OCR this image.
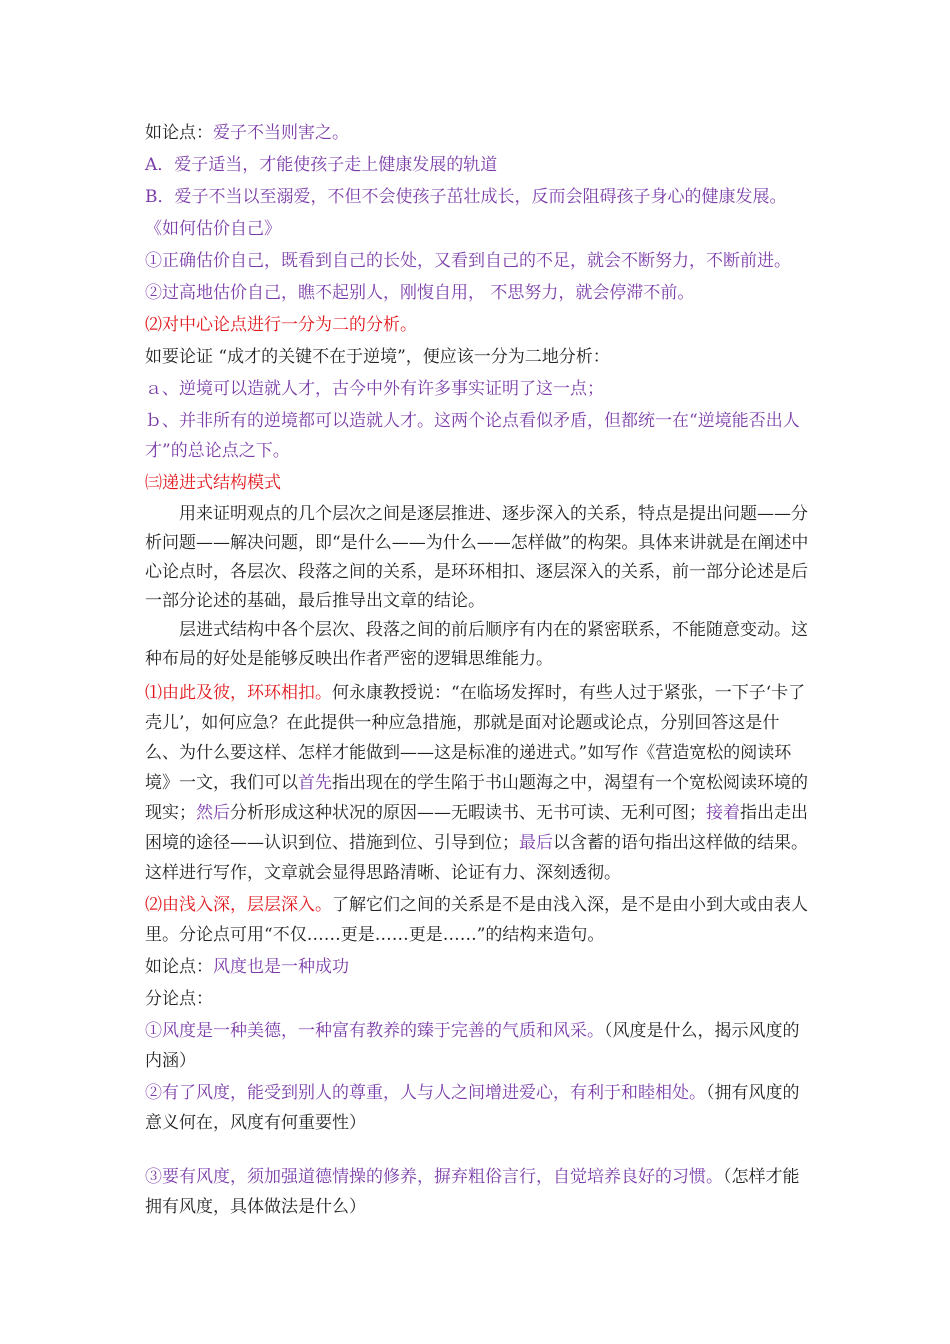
如论点：爱子不当则害之。

A．爱子适当，才能使孩子走上健康发展的轨道

B．爱子不当以至溺爱，不但不会使孩子茁壮成长，反而会阻碍孩子身心的健康发展。

《如何估价自己》

①正确估价自己，既看到自己的长处，又看到自己的不足，就会不断努力，不断前进。

②过高地估价自己，瞧不起别人，刚愎自用， 不思努力，就会停滞不前。

⑵对中心论点进行一分为二的分析。

如要论证 “成才的关键不在于逆境”，便应该一分为二地分析：

ａ、逆境可以造就人才，古今中外有许多事实证明了这一点；

ｂ、并非所有的逆境都可以造就人才。这两个论点看似矛盾，但都统一在“逆境能否出人才”的总论点之下。

㈢递进式结构模式

用来证明观点的几个层次之间是逐层推进、逐步深入的关系，特点是提出问题——分析问题——解决问题，即“是什么——为什么——怎样做”的构架。具体来讲就是在阐述中心论点时，各层次、段落之间的关系，是环环相扣、逐层深入的关系，前一部分论述是后一部分论述的基础，最后推导出文章的结论。

层进式结构中各个层次、段落之间的前后顺序有内在的紧密联系，不能随意变动。这种布局的好处是能够反映出作者严密的逻辑思维能力。

⑴由此及彼，环环相扣。何永康教授说：“在临场发挥时，有些人过于紧张，一下子‘卡了壳儿’，如何应急？在此提供一种应急措施，那就是面对论题或论点，分别回答这是什么、为什么要这样、怎样才能做到——这是标准的递进式。”如写作《营造宽松的阅读环境》一文，我们可以首先指出现在的学生陷于书山题海之中，渴望有一个宽松阅读环境的现实；然后分析形成这种状况的原因——无暇读书、无书可读、无利可图；接着指出走出困境的途径——认识到位、措施到位、引导到位；最后以含蓄的语句指出这样做的结果。这样进行写作，文章就会显得思路清晰、论证有力、深刻透彻。

⑵由浅入深，层层深入。了解它们之间的关系是不是由浅入深，是不是由小到大或由表人里。分论点可用“不仅……更是……更是……”的结构来造句。

如论点：风度也是一种成功

分论点：

①风度是一种美德，一种富有教养的臻于完善的气质和风采。（风度是什么，揭示风度的内涵）

②有了风度，能受到别人的尊重，人与人之间增进爱心，有利于和睦相处。（拥有风度的意义何在，风度有何重要性）

③要有风度，须加强道德情操的修养，摒弃粗俗言行，自觉培养良好的习惯。（怎样才能拥有风度，具体做法是什么）
